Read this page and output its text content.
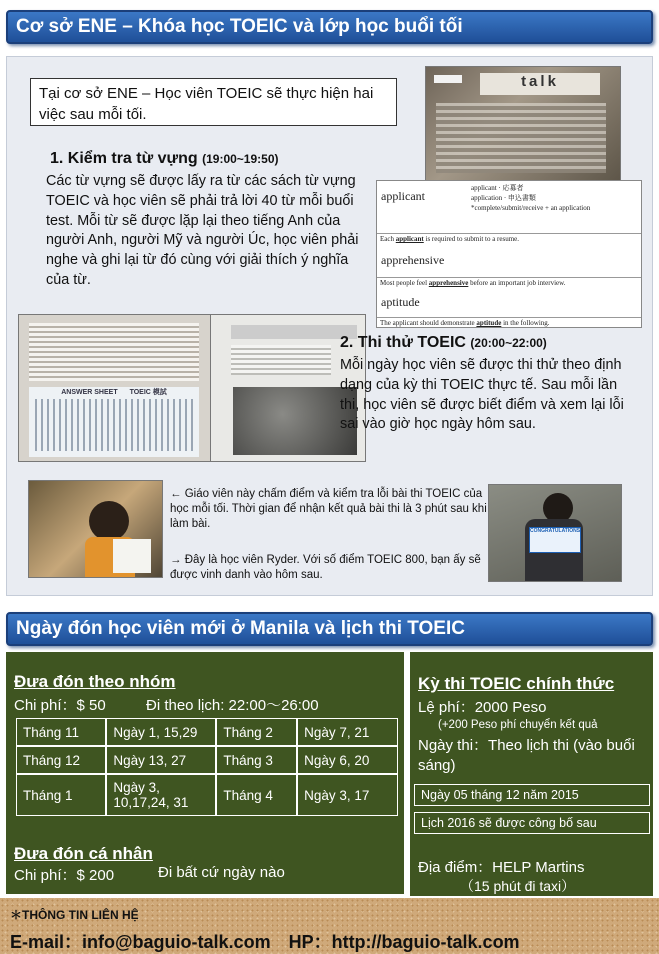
Cơ sở ENE – Khóa học TOEIC và lớp học buổi tối
Tại cơ sở ENE – Học viên TOEIC sẽ thực hiện hai việc sau mỗi tối.
talk
applicant · 応募者
application · 申込書類
*complete/submit/receive + an application
applicant
Each applicant is required to submit to a resume.
apprehensive
Most people feel apprehensive before an important job interview.
aptitude
The applicant should demonstrate aptitude in the following.
1. Kiểm tra từ vựng (19:00~19:50)
Các từ vựng sẽ được lấy ra từ các sách từ vựng TOEIC và học viên sẽ phải trả lời 40 từ mỗi buổi test. Mỗi từ sẽ được lặp lại theo tiếng Anh của người Anh, người Mỹ và người Úc, học viên phải nghe và ghi lại từ đó cùng với giải thích ý nghĩa của từ.
ANSWER SHEET TOEIC 模試
2. Thi thử TOEIC (20:00~22:00)
Mỗi ngày học viên sẽ được thi thử theo định dạng của kỳ thi TOEIC thực tế. Sau mỗi lần thi, học viên sẽ được biết điểm và xem lại lỗi sai vào giờ học ngày hôm sau.
← Giáo viên này chấm điểm và kiểm tra lỗi bài thi TOEIC của học mỗi tối. Thời gian để nhận kết quả bài thi là 3 phút sau khi làm bài.
→ Đây là học viên Ryder. Với số điểm TOEIC 800, bạn ấy sẽ được vinh danh vào hôm sau.
CONGRATULATIONS
Ngày đón học viên mới ở Manila và lịch thi TOEIC
Đưa đón theo nhóm
Chi phí：$ 50	Đi theo lịch: 22:00～26:00
Tháng 11	Ngày 1, 15,29	Tháng 2	Ngày 7, 21
Tháng 12	Ngày 13, 27	Tháng 3	Ngày 6, 20
Tháng 1	Ngày 3, 10,17,24, 31	Tháng 4	Ngày 3, 17
Đưa đón cá nhân
Chi phí：$ 200	Đi bất cứ ngày nào
Kỳ thi TOEIC chính thức
Lệ phí：2000 Peso
(+200 Peso phí chuyển kết quả
Ngày thi：Theo lịch thi (vào buổi sáng)
Ngày 05 tháng 12 năm 2015
Lịch 2016 sẽ được công bố sau
Địa điểm：HELP Martins
（15 phút đi taxi）
＊THÔNG TIN LIÊN HỆ
E-mail：info@baguio-talk.com　HP：http://baguio-talk.com
